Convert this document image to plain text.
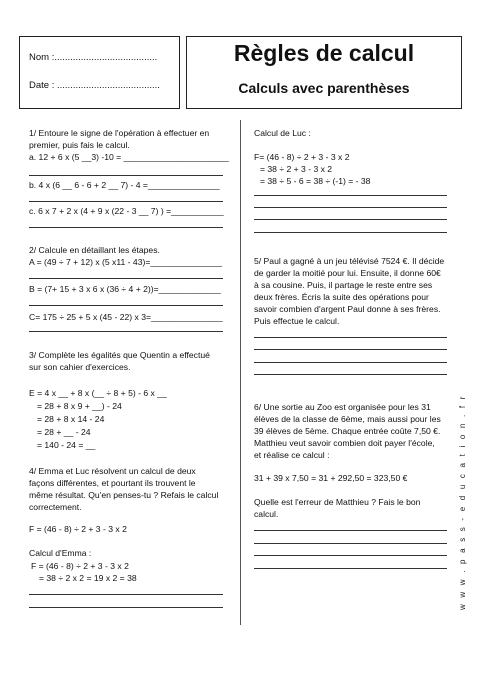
Nom :.......................................
Date : .......................................
Règles de calcul
Calculs avec parenthèses
1/ Entoure le signe de l'opération à effectuer en
premier, puis fais le calcul.
a. 12 + 6 x (5 __3) -10 = ______________________
b. 4 x (6 __ 6 - 6 + 2 __ 7) - 4 =_______________
c. 6 x 7 + 2 x (4 + 9 x (22 - 3 __ 7) ) =___________
2/ Calcule en détaillant les étapes.
A = (49 ÷ 7 + 12) x (5 x11 - 43)=_______________
B = (7+ 15 + 3 x 6 x (36 ÷ 4 + 2))=_____________
C= 175 ÷ 25 + 5 x (45 - 22) x 3=_______________
3/ Complète les égalités que Quentin a effectué
sur son cahier d'exercices.
E = 4 x __ + 8 x (__ ÷ 8 + 5) - 6 x __
= 28 + 8 x 9 + __) - 24
= 28 + 8 x 14 - 24
= 28 + __ - 24
= 140 - 24 = __
4/ Emma et Luc résolvent un calcul de deux
façons différentes, et pourtant ils trouvent le
même résultat. Qu'en penses-tu ? Refais le calcul
correctement.
F = (46 - 8) ÷ 2 + 3 - 3 x 2
Calcul d'Emma :
F = (46 - 8) ÷ 2 + 3 - 3 x 2
= 38 ÷ 2 x 2 = 19 x 2 = 38
Calcul de Luc :
F= (46 - 8) ÷ 2 + 3 - 3 x 2
= 38 ÷ 2 + 3 - 3 x 2
= 38 ÷ 5 - 6 = 38 ÷ (-1) = - 38
5/ Paul a gagné à un jeu télévisé 7524 €. Il décide
de garder la moitié pour lui. Ensuite, il donne 60€
à sa cousine. Puis, il partage le reste entre ses
deux frères. Écris la suite des opérations pour
savoir combien d'argent Paul donne à ses frères.
Puis effectue le calcul.
6/ Une sortie au Zoo est organisée pour les 31
élèves de la classe de 6ème, mais aussi pour les
39 élèves de 5ème. Chaque entrée coûte 7,50 €.
Matthieu veut savoir combien doit payer l'école,
et réalise ce calcul :
31 + 39 x 7,50 = 31 + 292,50 = 323,50 €
Quelle est l'erreur de Matthieu ? Fais le bon
calcul.	w w w . p a s s - e d u c a t i o n . f r
